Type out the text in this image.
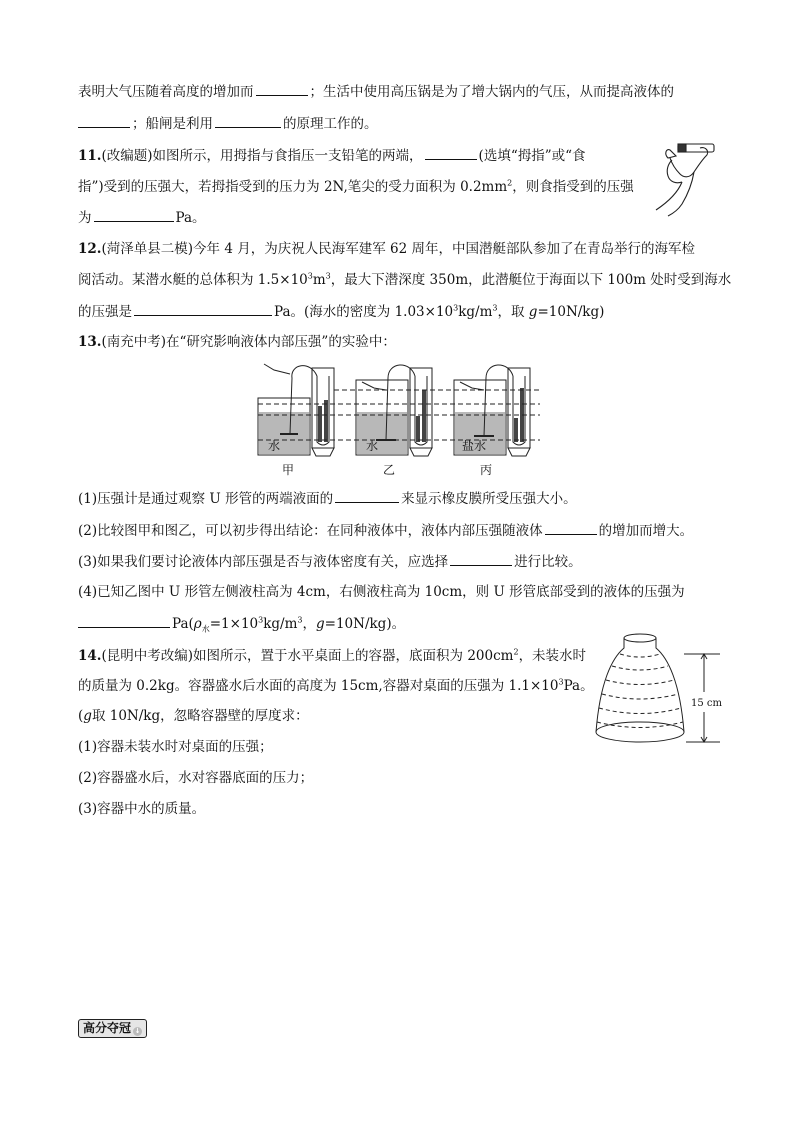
表明大气压随着高度的增加而	；生活中使用高压锅是为了增大锅内的气压，从而提高液体的
；船闸是利用	的原理工作的。
11.(改编题)如图所示，用拇指与食指压一支铅笔的两端，	(选填“拇指”或“食
指”)受到的压强大，若拇指受到的压力为 2N,笔尖的受力面积为 $0.2mm^2$，则食指受到的压强
为	Pa。
12.(菏泽单县二模)今年 4 月，为庆祝人民海军建军 62 周年，中国潜艇部队参加了在青岛举行的海军检
阅活动。某潜水艇的总体积为 $1.5\times 10^3m^3$，最大下潜深度 350m，此潜艇位于海面以下 100m 处时受到海水
的压强是	Pa。(海水的密度为 $1.03\times 10^3kg/m^3$，取 g=10N/kg)
13.(南充中考)在“研究影响液体内部压强”的实验中：
水	水	盐水
甲	乙	丙
(1)压强计是通过观察 U 形管的两端液面的	来显示橡皮膜所受压强大小。
(2)比较图甲和图乙，可以初步得出结论：在同种液体中，液体内部压强随液体	的增加而增大。
(3)如果我们要讨论液体内部压强是否与液体密度有关，应选择	进行比较。
(4)已知乙图中 U 形管左侧液柱高为 4cm，右侧液柱高为 10cm，则 U 形管底部受到的液体的压强为
$Pa(\rho_水=1\times 10^3kg/m^3$，g=10N/kg)。
14.(昆明中考改编)如图所示，置于水平桌面上的容器，底面积为 $200cm^2$，未装水时
的质量为 0.2kg。容器盛水后水面的高度为 15cm,容器对桌面的压强为 $1.1\times 10^3Pa$。
(g取 10N/kg，忽略容器壁的厚度求：
(1)容器未装水时对桌面的压强；
(2)容器盛水后，水对容器底面的压力；
(3)容器中水的质量。
15 cm
高分夺冠 ↓
